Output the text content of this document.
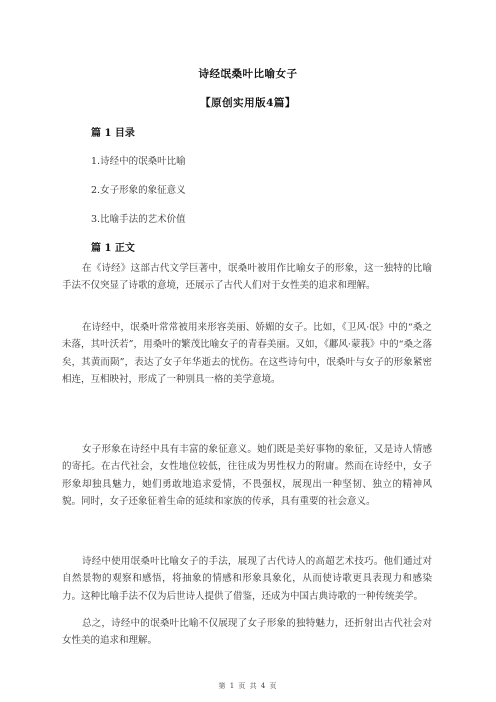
诗经氓桑叶比喻女子
【原创实用版4篇】
篇 1 目录
1.诗经中的氓桑叶比喻
2.女子形象的象征意义
3.比喻手法的艺术价值
篇 1 正文

在《诗经》这部古代文学巨著中，氓桑叶被用作比喻女子的形象，这一独特的比喻手法不仅突显了诗歌的意境，还展示了古代人们对于女性美的追求和理解。

在诗经中，氓桑叶常常被用来形容美丽、娇媚的女子。比如，《卫风·氓》中的“桑之未落，其叶沃若”，用桑叶的繁茂比喻女子的青春美丽。又如，《鄘风·蒙莪》中的“桑之落矣，其黄而陨”，表达了女子年华逝去的忧伤。在这些诗句中，氓桑叶与女子的形象紧密相连，互相映衬，形成了一种别具一格的美学意境。

女子形象在诗经中具有丰富的象征意义。她们既是美好事物的象征，又是诗人情感的寄托。在古代社会，女性地位较低，往往成为男性权力的附庸。然而在诗经中，女子形象却独具魅力，她们勇敢地追求爱情，不畏强权，展现出一种坚韧、独立的精神风貌。同时，女子还象征着生命的延续和家族的传承，具有重要的社会意义。

诗经中使用氓桑叶比喻女子的手法，展现了古代诗人的高超艺术技巧。他们通过对自然景物的观察和感悟，将抽象的情感和形象具象化，从而使诗歌更具表现力和感染力。这种比喻手法不仅为后世诗人提供了借鉴，还成为中国古典诗歌的一种传统美学。

总之，诗经中的氓桑叶比喻不仅展现了女子形象的独特魅力，还折射出古代社会对女性美的追求和理解。

第 1 页 共 4 页
